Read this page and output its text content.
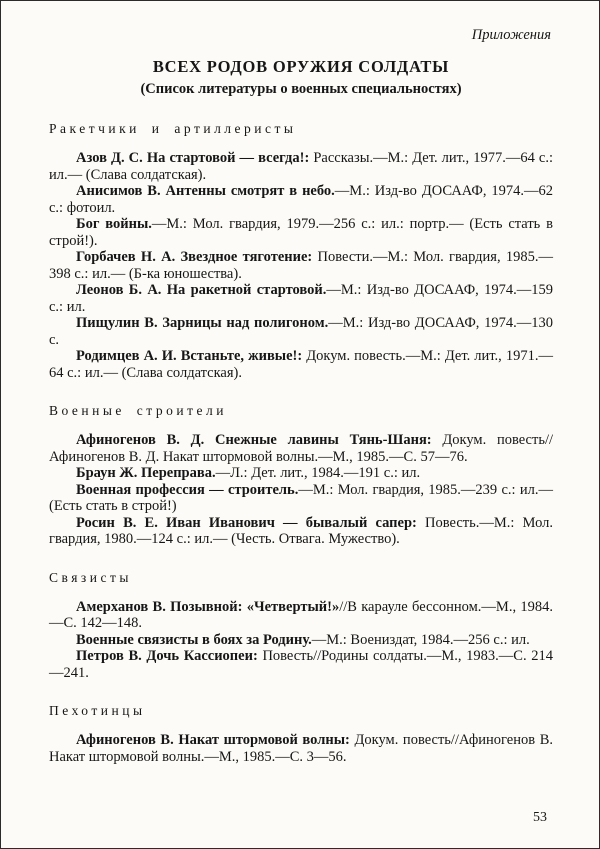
Приложения
ВСЕХ РОДОВ ОРУЖИЯ СОЛДАТЫ
(Список литературы о военных специальностях)
Ракетчики и артиллеристы

Азов Д. С. На стартовой — всегда!: Рассказы.—М.: Дет. лит., 1977.—64 с.: ил.— (Слава солдатская).

Анисимов В. Антенны смотрят в небо.—М.: Изд-во ДОСААФ, 1974.—62 с.: фотоил.

Бог войны.—М.: Мол. гвардия, 1979.—256 с.: ил.: портр.— (Есть стать в строй!).

Горбачев Н. А. Звездное тяготение: Повести.—М.: Мол. гвардия, 1985.—398 с.: ил.— (Б-ка юношества).

Леонов Б. А. На ракетной стартовой.—М.: Изд-во ДОСААФ, 1974.—159 с.: ил.

Пищулин В. Зарницы над полигоном.—М.: Изд-во ДОСААФ, 1974.—130 с.

Родимцев А. И. Встаньте, живые!: Докум. повесть.—М.: Дет. лит., 1971.—64 с.: ил.— (Слава солдатская).

Военные строители

Афиногенов В. Д. Снежные лавины Тянь-Шаня: Докум. повесть//Афиногенов В. Д. Накат штормовой волны.—М., 1985.—С. 57—76.

Браун Ж. Переправа.—Л.: Дет. лит., 1984.—191 с.: ил.

Военная профессия — строитель.—М.: Мол. гвардия, 1985.—239 с.: ил.— (Есть стать в строй!)

Росин В. Е. Иван Иванович — бывалый сапер: Повесть.—М.: Мол. гвардия, 1980.—124 с.: ил.— (Честь. Отвага. Мужество).

Связисты

Амерханов В. Позывной: «Четвертый!»//В карауле бессонном.—М., 1984.—С. 142—148.

Военные связисты в боях за Родину.—М.: Воениздат, 1984.—256 с.: ил.

Петров В. Дочь Кассиопеи: Повесть//Родины солдаты.—М., 1983.—С. 214—241.

Пехотинцы

Афиногенов В. Накат штормовой волны: Докум. повесть//Афиногенов В. Накат штормовой волны.—М., 1985.—С. 3—56.

53
